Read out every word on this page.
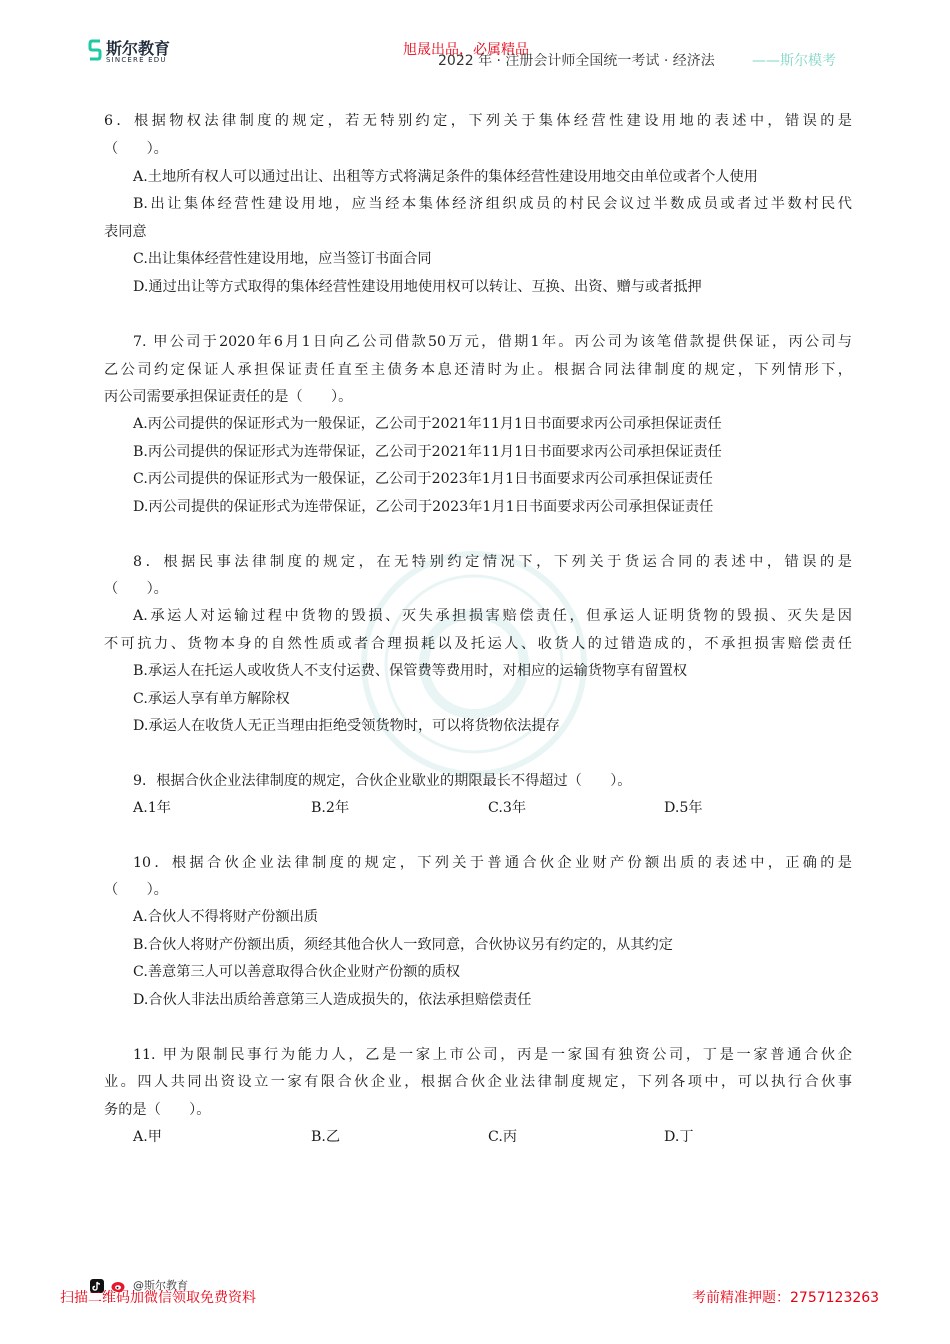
斯尔教育
SINCERE EDU
旭晟出品，必属精品
2022 年 · 注册会计师全国统一考试 · 经济法	——斯尔模考
6．根据物权法律制度的规定，若无特别约定，下列关于集体经营性建设用地的表述中，错误的是
（　　）。
A.土地所有权人可以通过出让、出租等方式将满足条件的集体经营性建设用地交由单位或者个人使用
B.出让集体经营性建设用地，应当经本集体经济组织成员的村民会议过半数成员或者过半数村民代
表同意
C.出让集体经营性建设用地，应当签订书面合同
D.通过出让等方式取得的集体经营性建设用地使用权可以转让、互换、出资、赠与或者抵押
7. 甲公司于2020年6月1日向乙公司借款50万元，借期1年。丙公司为该笔借款提供保证，丙公司与
乙公司约定保证人承担保证责任直至主债务本息还清时为止。根据合同法律制度的规定，下列情形下，
丙公司需要承担保证责任的是（　　）。
A.丙公司提供的保证形式为一般保证，乙公司于2021年11月1日书面要求丙公司承担保证责任
B.丙公司提供的保证形式为连带保证，乙公司于2021年11月1日书面要求丙公司承担保证责任
C.丙公司提供的保证形式为一般保证，乙公司于2023年1月1日书面要求丙公司承担保证责任
D.丙公司提供的保证形式为连带保证，乙公司于2023年1月1日书面要求丙公司承担保证责任
8．根据民事法律制度的规定，在无特别约定情况下，下列关于货运合同的表述中，错误的是
（　　）。
A.承运人对运输过程中货物的毁损、灭失承担损害赔偿责任，但承运人证明货物的毁损、灭失是因
不可抗力、货物本身的自然性质或者合理损耗以及托运人、收货人的过错造成的，不承担损害赔偿责任
B.承运人在托运人或收货人不支付运费、保管费等费用时，对相应的运输货物享有留置权
C.承运人享有单方解除权
D.承运人在收货人无正当理由拒绝受领货物时，可以将货物依法提存
9．根据合伙企业法律制度的规定，合伙企业歇业的期限最长不得超过（　　）。
A.1年	B.2年	C.3年	D.5年
10．根据合伙企业法律制度的规定，下列关于普通合伙企业财产份额出质的表述中，正确的是
（　　）。
A.合伙人不得将财产份额出质
B.合伙人将财产份额出质，须经其他合伙人一致同意，合伙协议另有约定的，从其约定
C.善意第三人可以善意取得合伙企业财产份额的质权
D.合伙人非法出质给善意第三人造成损失的，依法承担赔偿责任
11. 甲为限制民事行为能力人，乙是一家上市公司，丙是一家国有独资公司，丁是一家普通合伙企
业。四人共同出资设立一家有限合伙企业，根据合伙企业法律制度规定，下列各项中，可以执行合伙事
务的是（　　）。
A.甲	B.乙	C.丙	D.丁
@斯尔教育
扫描二维码加微信领取免费资料	考前精准押题：2757123263
